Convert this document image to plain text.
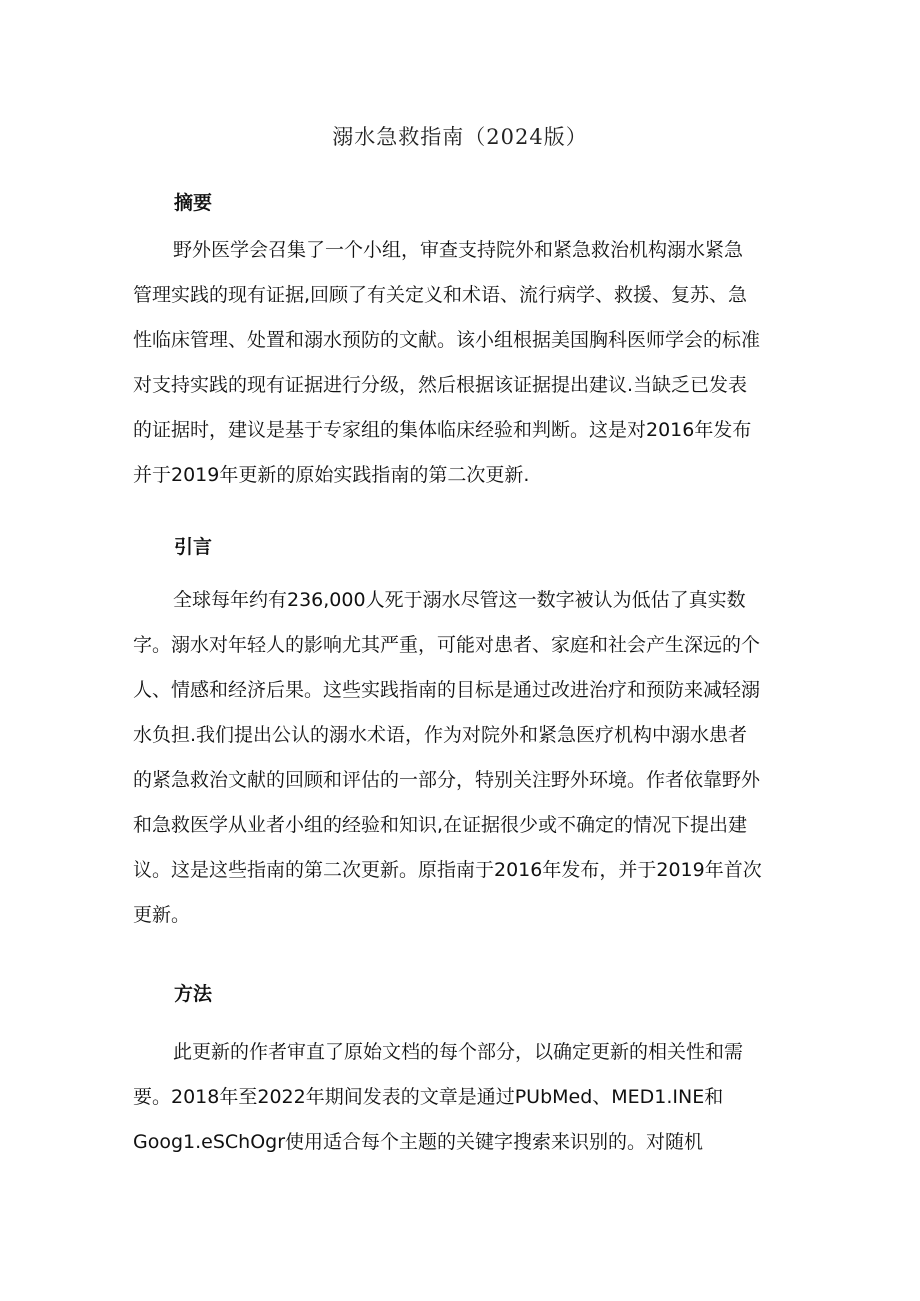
溺水急救指南（2024版）
摘要
野外医学会召集了一个小组，审查支持院外和紧急救治机构溺水紧急
管理实践的现有证据,回顾了有关定义和术语、流行病学、救援、复苏、急
性临床管理、处置和溺水预防的文献。该小组根据美国胸科医师学会的标准
对支持实践的现有证据进行分级，然后根据该证据提出建议.当缺乏已发表
的证据时，建议是基于专家组的集体临床经验和判断。这是对2016年发布
并于2019年更新的原始实践指南的第二次更新.
引言
全球每年约有236,000人死于溺水尽管这一数字被认为低估了真实数
字。溺水对年轻人的影响尤其严重，可能对患者、家庭和社会产生深远的个
人、情感和经济后果。这些实践指南的目标是通过改进治疗和预防来减轻溺
水负担.我们提出公认的溺水术语，作为对院外和紧急医疗机构中溺水患者
的紧急救治文献的回顾和评估的一部分，特别关注野外环境。作者依靠野外
和急救医学从业者小组的经验和知识,在证据很少或不确定的情况下提出建
议。这是这些指南的第二次更新。原指南于2016年发布，并于2019年首次
更新。
方法
此更新的作者审直了原始文档的每个部分，以确定更新的相关性和需
要。2018年至2022年期间发表的文章是通过PUbMed、MED1.INE和
Goog1.eSChOgr使用适合每个主题的关键字搜索来识别的。对随机
